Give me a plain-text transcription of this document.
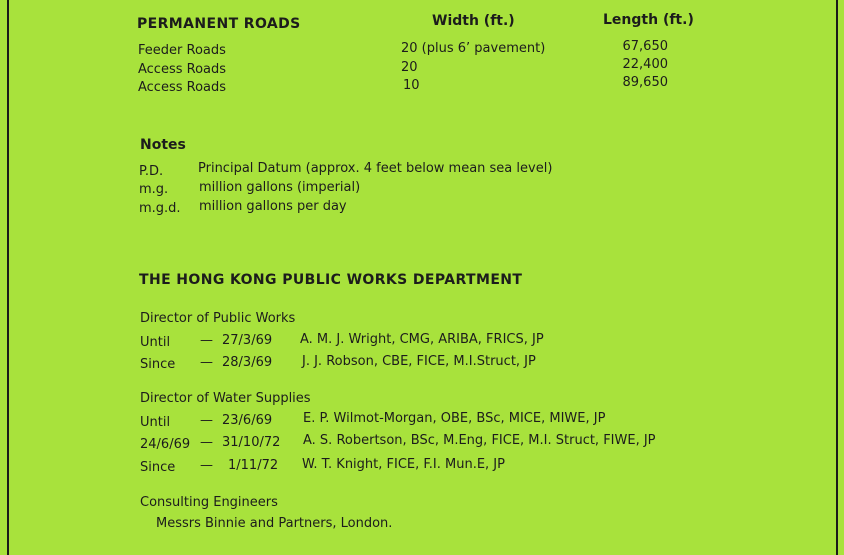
PERMANENT ROADS	Width (ft.)	Length (ft.)
Feeder Roads	20 (plus 6’ pavement)	67,650
Access Roads	20	22,400
Access Roads	10	89,650
Notes
P.D.	Principal Datum (approx. 4 feet below mean sea level)
m.g. million gallons (imperial)
m.g.d. million gallons per day
THE HONG KONG PUBLIC WORKS DEPARTMENT
Director of Public Works
Until — 27/3/69 A. M. J. Wright, CMG, ARIBA, FRICS, JP
Since — 28/3/69 J. J. Robson, CBE, FICE, M.I.Struct, JP
Director of Water Supplies
Until — 23/6/69 E. P. Wilmot-Morgan, OBE, BSc, MICE, MIWE, JP
24/6/69 — 31/10/72 A. S. Robertson, BSc, M.Eng, FICE, M.I. Struct, FIWE, JP
Since — 1/11/72 W. T. Knight, FICE, F.I. Mun.E, JP
Consulting Engineers
Messrs Binnie and Partners, London.
